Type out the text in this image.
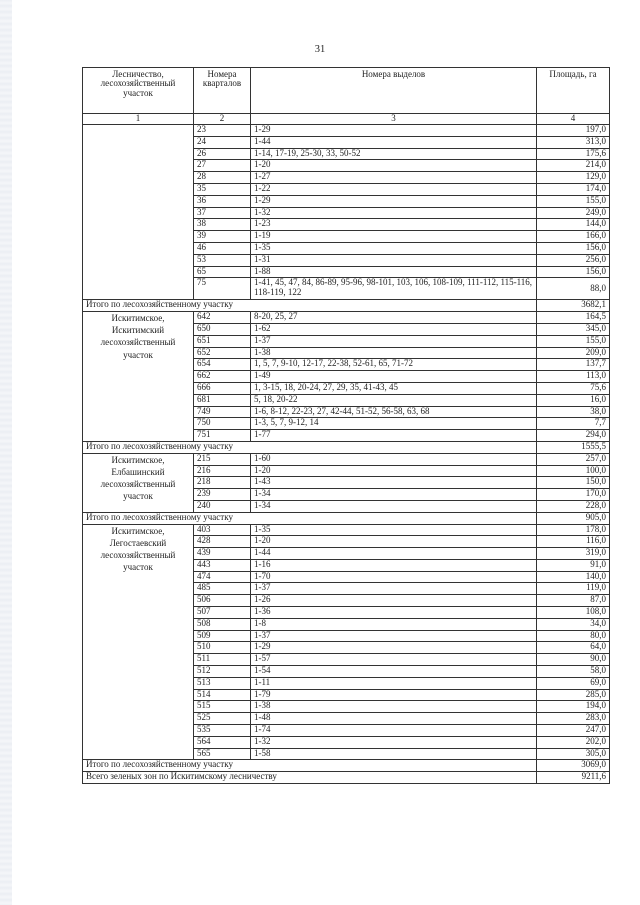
31
Лесничество, лесохозяйственный участок	Номера кварталов	Номера выделов	Площадь, га
1	2	3	4
	23	1-29	197,0
	24	1-44	313,0
	26	1-14, 17-19, 25-30, 33, 50-52	175,6
	27	1-20	214,0
	28	1-27	129,0
	35	1-22	174,0
	36	1-29	155,0
	37	1-32	249,0
	38	1-23	144,0
	39	1-19	166,0
	46	1-35	156,0
	53	1-31	256,0
	65	1-88	156,0
	75	1-41, 45, 47, 84, 86-89, 95-96, 98-101, 103, 106, 108-109, 111-112, 115-116, 118-119, 122	88,0
Итого по лесохозяйственному участку			3682,1
Искитимское, Искитимский лесохозяйственный участок	642	8-20, 25, 27	164,5
	650	1-62	345,0
	651	1-37	155,0
	652	1-38	209,0
	654	1, 5, 7, 9-10, 12-17, 22-38, 52-61, 65, 71-72	137,7
	662	1-49	113,0
	666	1, 3-15, 18, 20-24, 27, 29, 35, 41-43, 45	75,6
	681	5, 18, 20-22	16,0
	749	1-6, 8-12, 22-23, 27, 42-44, 51-52, 56-58, 63, 68	38,0
	750	1-3, 5, 7, 9-12, 14	7,7
	751	1-77	294,0
Итого по лесохозяйственному участку			1555,5
Искитимское, Елбашинский лесохозяйственный участок	215	1-60	257,0
	216	1-20	100,0
	218	1-43	150,0
	239	1-34	170,0
	240	1-34	228,0
Итого по лесохозяйственному участку			905,0
Искитимское, Легостаевский лесохозяйственный участок	403	1-35	178,0
	428	1-20	116,0
	439	1-44	319,0
	443	1-16	91,0
	474	1-70	140,0
	485	1-37	119,0
	506	1-26	87,0
	507	1-36	108,0
	508	1-8	34,0
	509	1-37	80,0
	510	1-29	64,0
	511	1-57	90,0
	512	1-54	58,0
	513	1-11	69,0
	514	1-79	285,0
	515	1-38	194,0
	525	1-48	283,0
	535	1-74	247,0
	564	1-32	202,0
	565	1-58	305,0
Итого по лесохозяйственному участку			3069,0
Всего зеленых зон по Искитимскому лесничеству			9211,6
